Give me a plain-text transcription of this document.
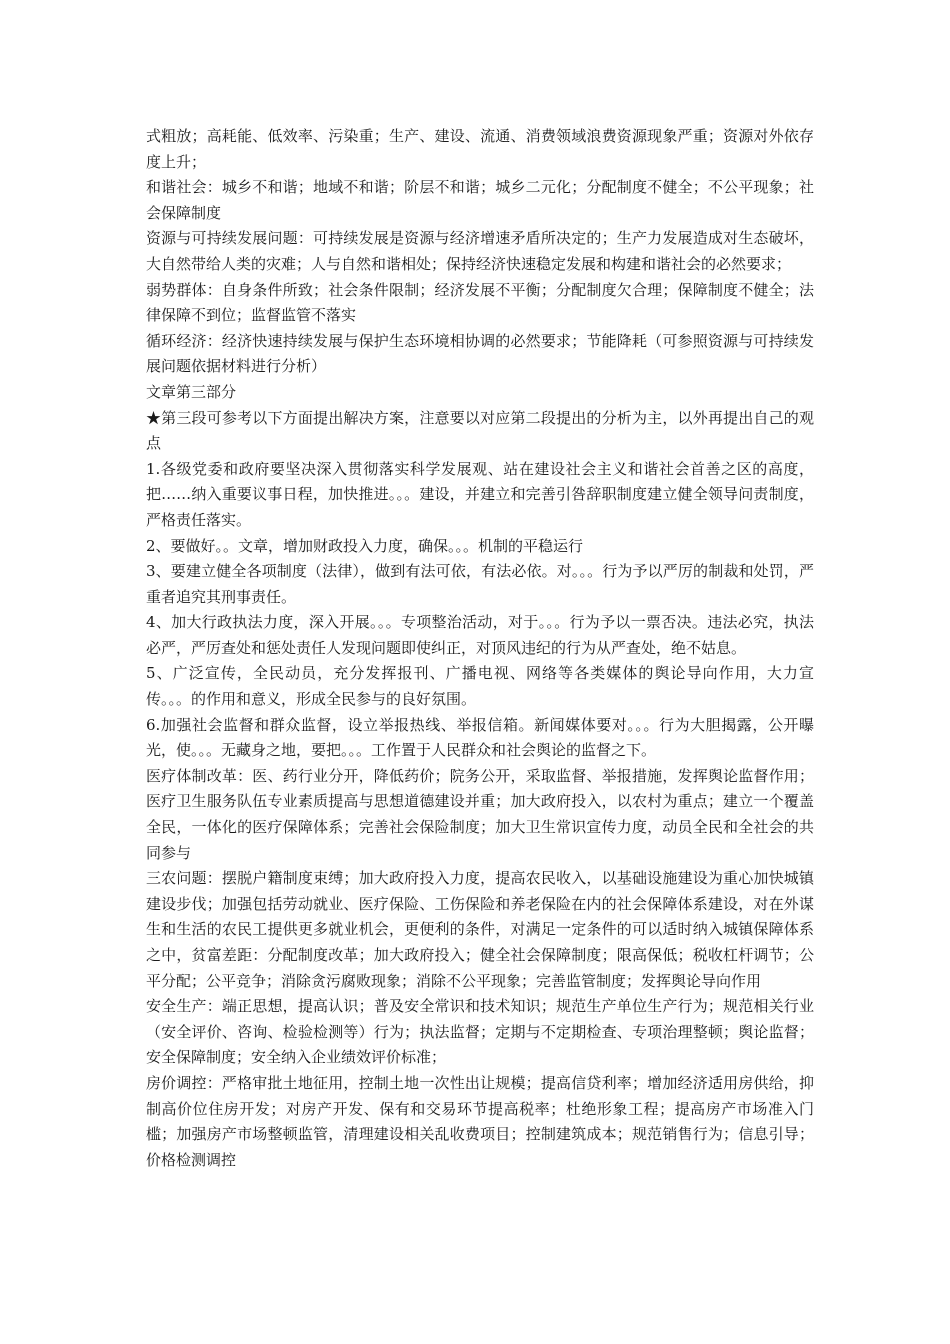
式粗放；高耗能、低效率、污染重；生产、建设、流通、消费领域浪费资源现象严重；资源对外依存度上升；

和谐社会：城乡不和谐；地域不和谐；阶层不和谐；城乡二元化；分配制度不健全；不公平现象；社会保障制度

资源与可持续发展问题：可持续发展是资源与经济增速矛盾所决定的；生产力发展造成对生态破坏，大自然带给人类的灾难；人与自然和谐相处；保持经济快速稳定发展和构建和谐社会的必然要求；

弱势群体：自身条件所致；社会条件限制；经济发展不平衡；分配制度欠合理；保障制度不健全；法律保障不到位；监督监管不落实

循环经济：经济快速持续发展与保护生态环境相协调的必然要求；节能降耗（可参照资源与可持续发展问题依据材料进行分析）

文章第三部分

★第三段可参考以下方面提出解决方案，注意要以对应第二段提出的分析为主，以外再提出自己的观点

1.各级党委和政府要坚决深入贯彻落实科学发展观、站在建设社会主义和谐社会首善之区的高度，把……纳入重要议事日程，加快推进。。。建设，并建立和完善引咎辞职制度建立健全领导问责制度，严格责任落实。

2、要做好。。文章，增加财政投入力度，确保。。。机制的平稳运行

3、要建立健全各项制度（法律），做到有法可依，有法必依。对。。。行为予以严厉的制裁和处罚，严重者追究其刑事责任。

4、加大行政执法力度，深入开展。。。专项整治活动，对于。。。行为予以一票否决。违法必究，执法必严，严厉查处和惩处责任人发现问题即使纠正，对顶风违纪的行为从严查处，绝不姑息。

5、广泛宣传，全民动员，充分发挥报刊、广播电视、网络等各类媒体的舆论导向作用，大力宣传。。。的作用和意义，形成全民参与的良好氛围。

6.加强社会监督和群众监督，设立举报热线、举报信箱。新闻媒体要对。。。行为大胆揭露，公开曝光，使。。。无藏身之地，要把。。。工作置于人民群众和社会舆论的监督之下。

医疗体制改革：医、药行业分开，降低药价；院务公开，采取监督、举报措施，发挥舆论监督作用；医疗卫生服务队伍专业素质提高与思想道德建设并重；加大政府投入，以农村为重点；建立一个覆盖全民，一体化的医疗保障体系；完善社会保险制度；加大卫生常识宣传力度，动员全民和全社会的共同参与

三农问题：摆脱户籍制度束缚；加大政府投入力度，提高农民收入，以基础设施建设为重心加快城镇建设步伐；加强包括劳动就业、医疗保险、工伤保险和养老保险在内的社会保障体系建设，对在外谋生和生活的农民工提供更多就业机会，更便利的条件，对满足一定条件的可以适时纳入城镇保障体系之中，贫富差距：分配制度改革；加大政府投入；健全社会保障制度；限高保低；税收杠杆调节；公平分配；公平竞争；消除贪污腐败现象；消除不公平现象；完善监管制度；发挥舆论导向作用

安全生产：端正思想，提高认识；普及安全常识和技术知识；规范生产单位生产行为；规范相关行业（安全评价、咨询、检验检测等）行为；执法监督；定期与不定期检查、专项治理整顿；舆论监督；安全保障制度；安全纳入企业绩效评价标准；

房价调控：严格审批土地征用，控制土地一次性出让规模；提高信贷利率；增加经济适用房供给，抑制高价位住房开发；对房产开发、保有和交易环节提高税率；杜绝形象工程；提高房产市场准入门槛；加强房产市场整顿监管，清理建设相关乱收费项目；控制建筑成本；规范销售行为；信息引导；价格检测调控
